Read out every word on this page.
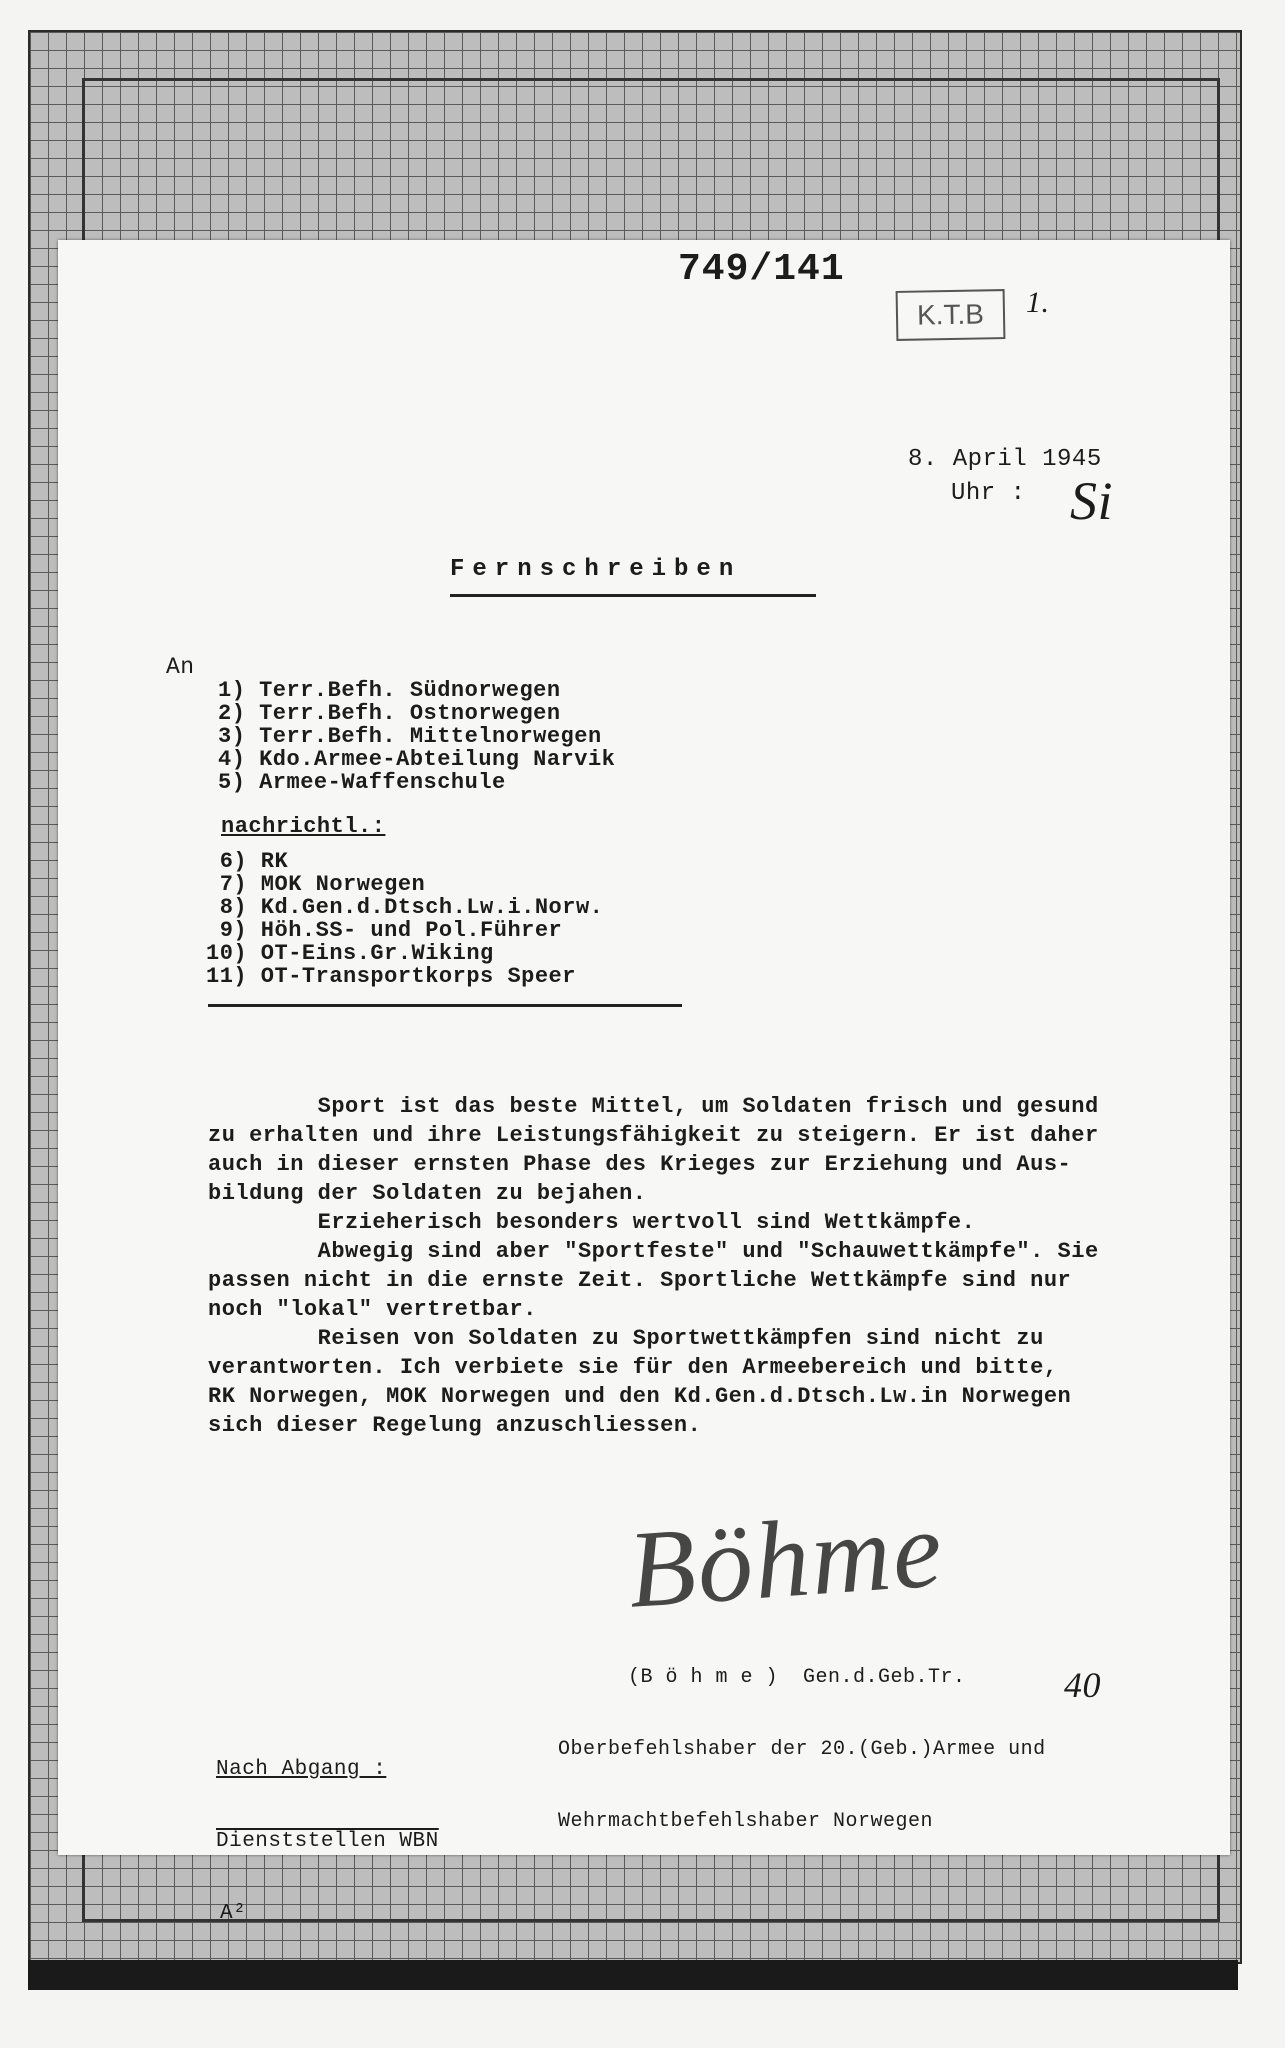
749/141
K.T.B	1.
8. April 1945
Uhr : Si
Fernschreiben
An
1) Terr.Befh. Südnorwegen
2) Terr.Befh. Ostnorwegen
3) Terr.Befh. Mittelnorwegen
4) Kdo.Armee-Abteilung Narvik
5) Armee-Waffenschule
nachrichtl.:
6) RK
7) MOK Norwegen
8) Kd.Gen.d.Dtsch.Lw.i.Norw.
9) Höh.SS- und Pol.Führer
10) OT-Eins.Gr.Wiking
11) OT-Transportkorps Speer

Sport ist das beste Mittel, um Soldaten frisch und gesund
zu erhalten und ihre Leistungsfähigkeit zu steigern. Er ist daher
auch in dieser ernsten Phase des Krieges zur Erziehung und Aus-
bildung der Soldaten zu bejahen.

Erzieherisch besonders wertvoll sind Wettkämpfe.

Abwegig sind aber "Sportfeste" und "Schauwettkämpfe". Sie
passen nicht in die ernste Zeit. Sportliche Wettkämpfe sind nur
noch "lokal" vertretbar.

Reisen von Soldaten zu Sportwettkämpfen sind nicht zu
verantworten. Ich verbiete sie für den Armeebereich und bitte,
RK Norwegen, MOK Norwegen und den Kd.Gen.d.Dtsch.Lw.in Norwegen
sich dieser Regelung anzuschliessen.

Böhme

(B ö h m e )  Gen.d.Geb.Tr.

Oberbefehlshaber der 20.(Geb.)Armee und

Wehrmachtbefehlshaber Norwegen

40

Nach Abgang :

Dienststellen WBN

A²
